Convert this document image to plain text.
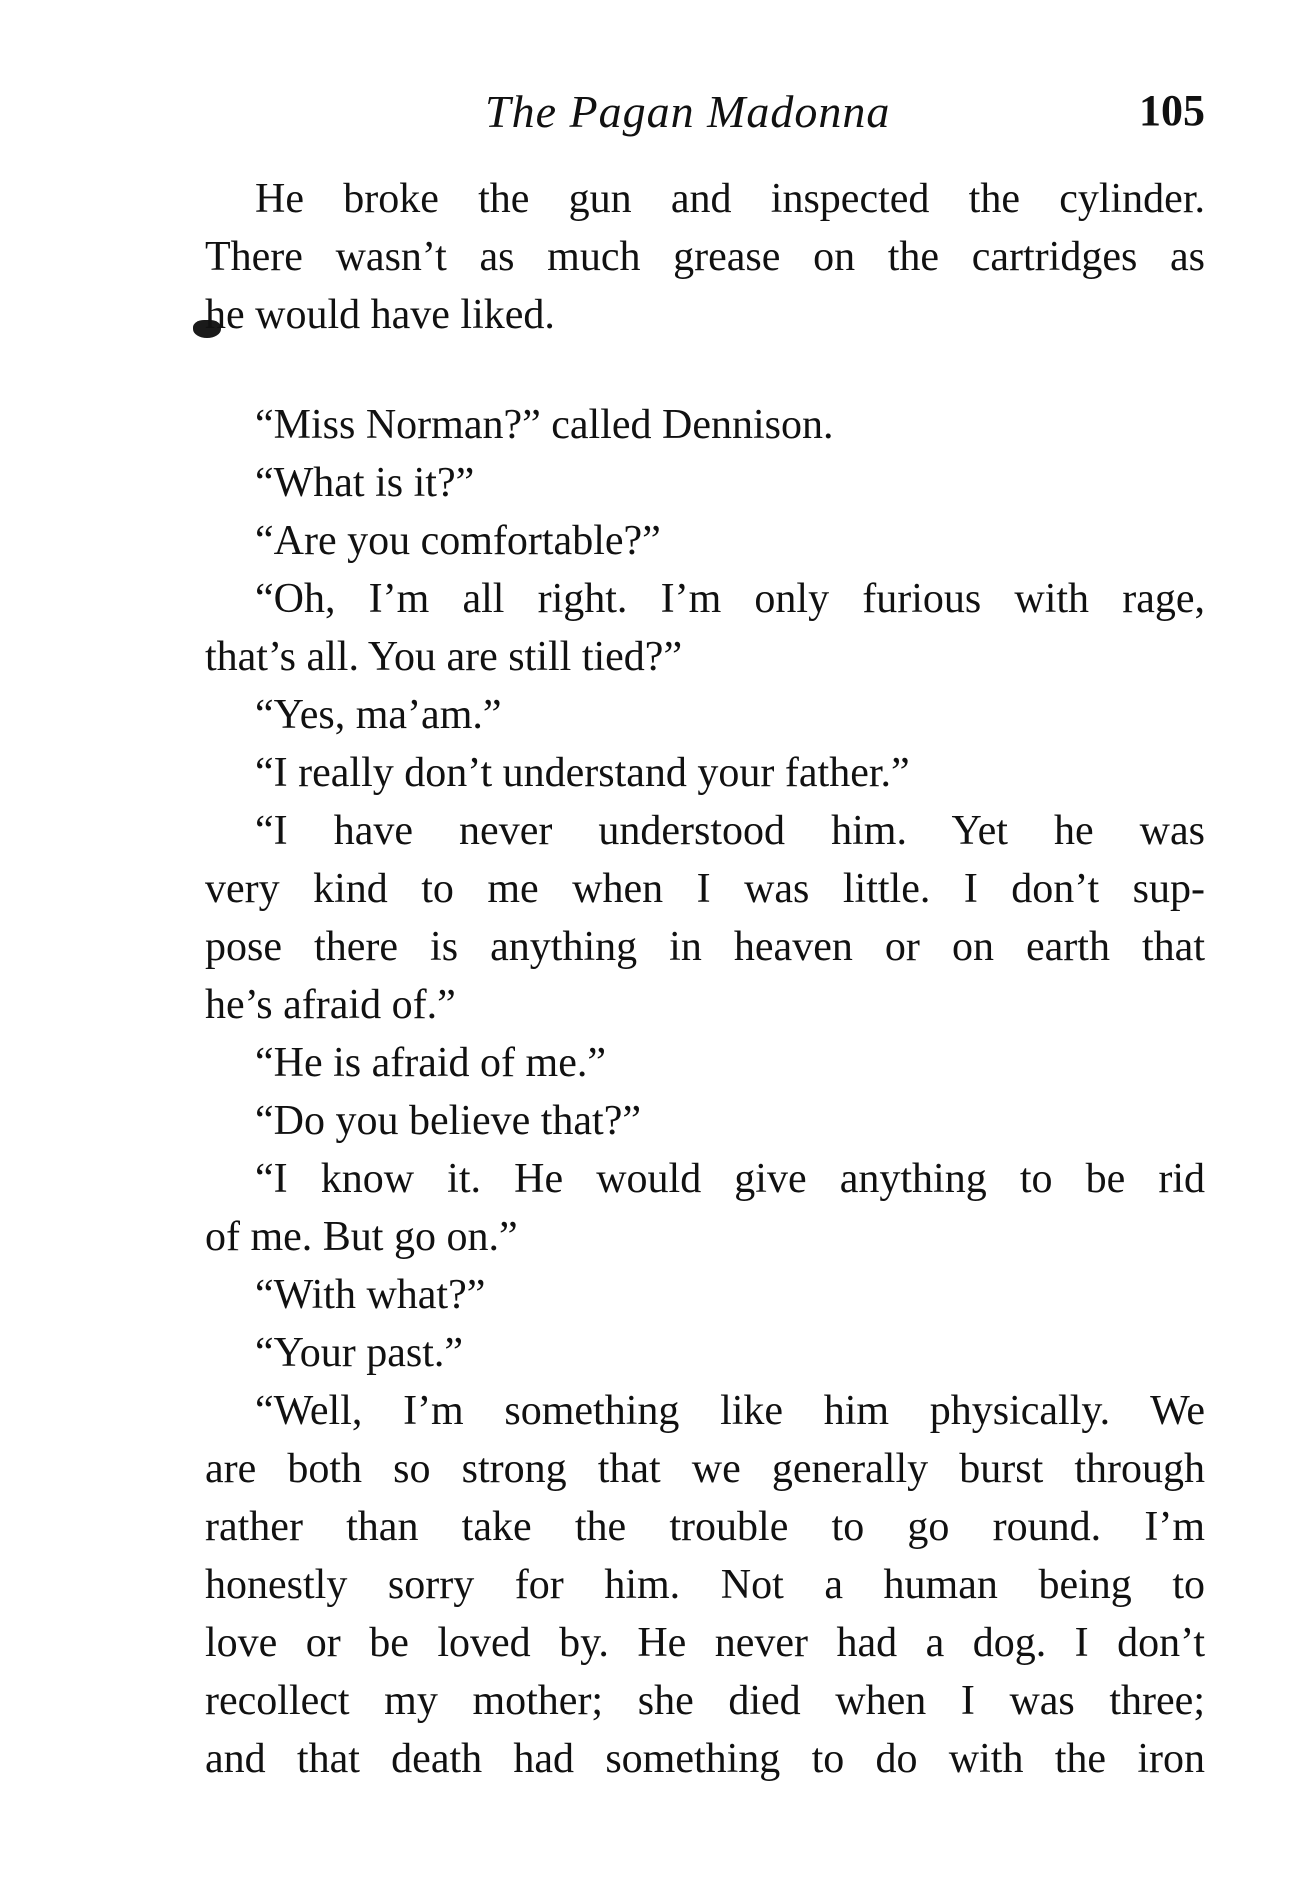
The Pagan Madonna	105
He broke the gun and inspected the cylinder.
There wasn’t as much grease on the cartridges as
he would have liked.
“Miss Norman?” called Dennison.
“What is it?”
“Are you comfortable?”
“Oh, I’m all right. I’m only furious with rage,
that’s all. You are still tied?”
“Yes, ma’am.”
“I really don’t understand your father.”
“I have never understood him. Yet he was
very kind to me when I was little. I don’t sup-
pose there is anything in heaven or on earth that
he’s afraid of.”
“He is afraid of me.”
“Do you believe that?”
“I know it. He would give anything to be rid
of me. But go on.”
“With what?”
“Your past.”
“Well, I’m something like him physically. We
are both so strong that we generally burst through
rather than take the trouble to go round. I’m
honestly sorry for him. Not a human being to
love or be loved by. He never had a dog. I don’t
recollect my mother; she died when I was three;
and that death had something to do with the iron
